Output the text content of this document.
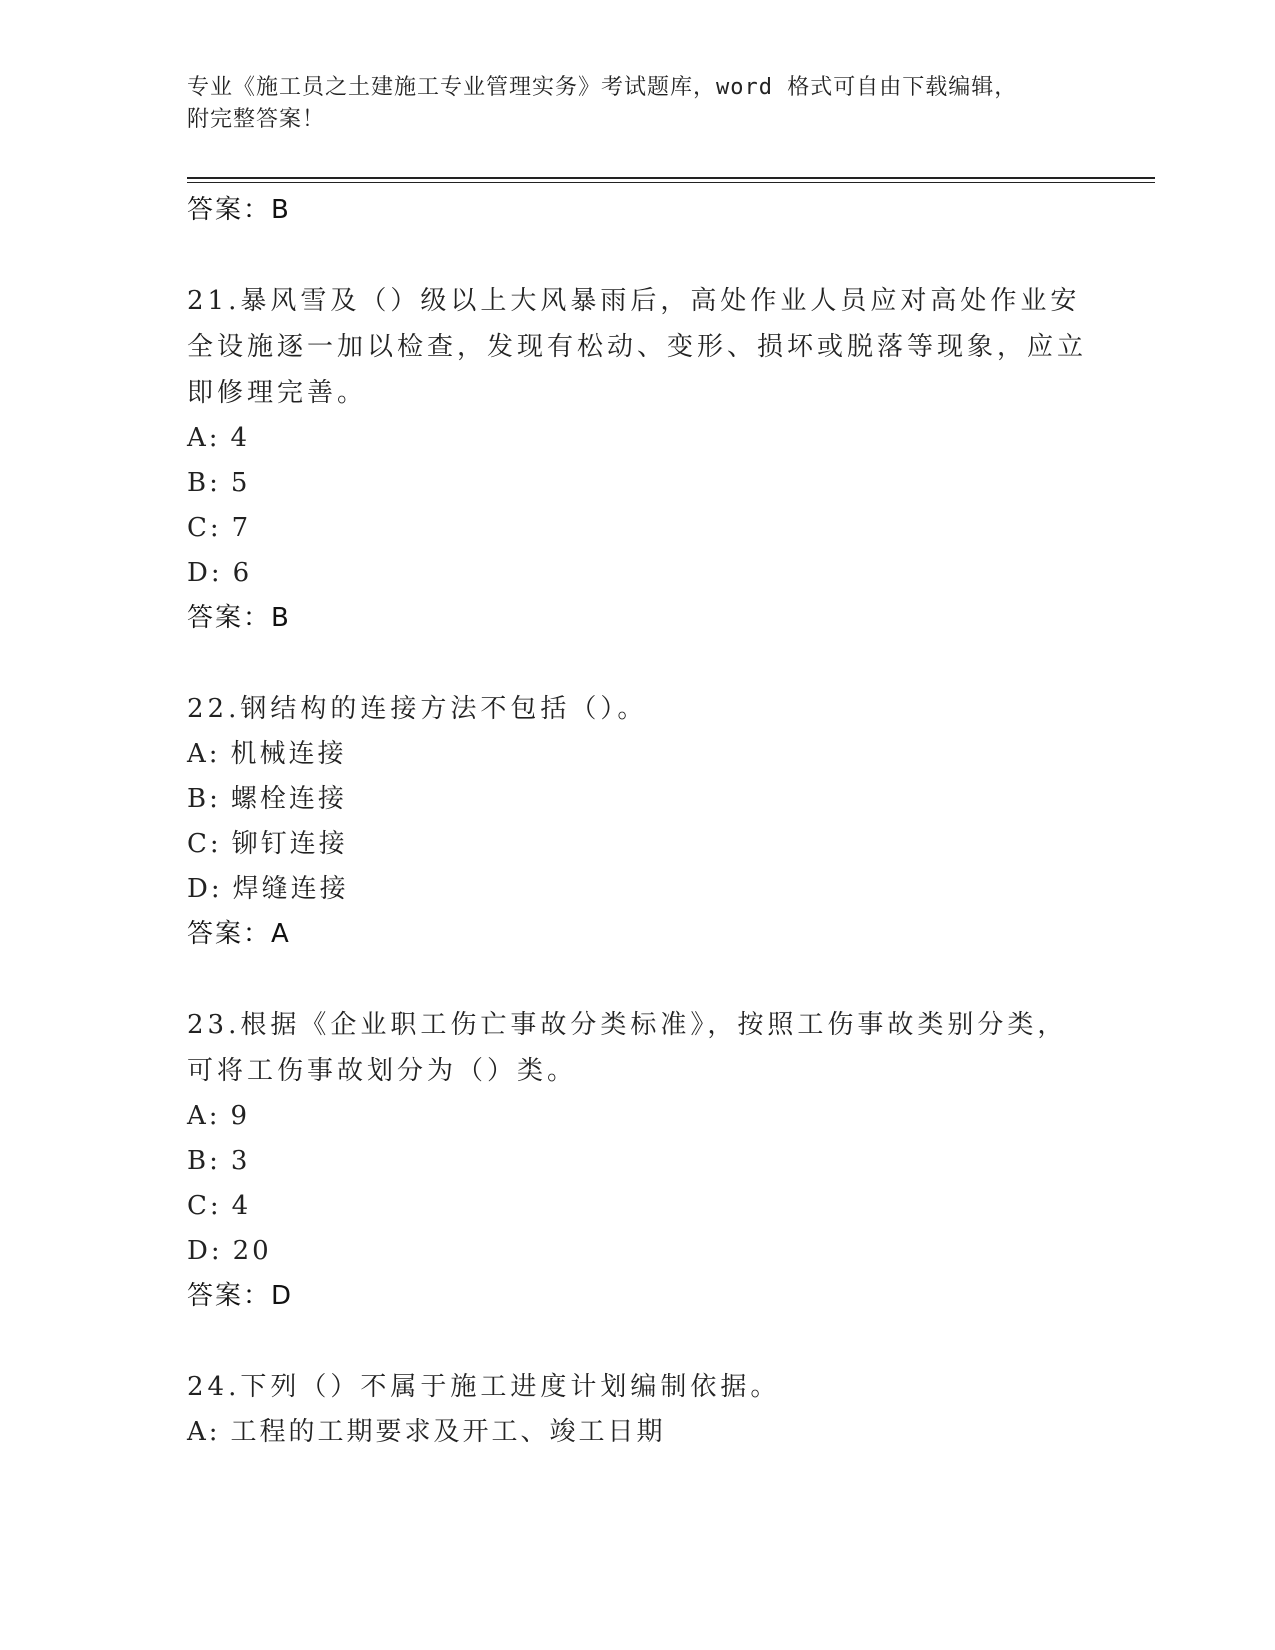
专业《施工员之土建施工专业管理实务》考试题库，word 格式可自由下载编辑，
附完整答案！
答案：B
21.暴风雪及（）级以上大风暴雨后，高处作业人员应对高处作业安全设施逐一加以检查，发现有松动、变形、损坏或脱落等现象，应立即修理完善。
A: 4
B: 5
C: 7
D: 6
答案：B
22.钢结构的连接方法不包括（）。
A: 机械连接
B: 螺栓连接
C: 铆钉连接
D: 焊缝连接
答案：A
23.根据《企业职工伤亡事故分类标准》，按照工伤事故类别分类，可将工伤事故划分为（）类。
A: 9
B: 3
C: 4
D: 20
答案：D
24.下列（）不属于施工进度计划编制依据。
A: 工程的工期要求及开工、竣工日期
